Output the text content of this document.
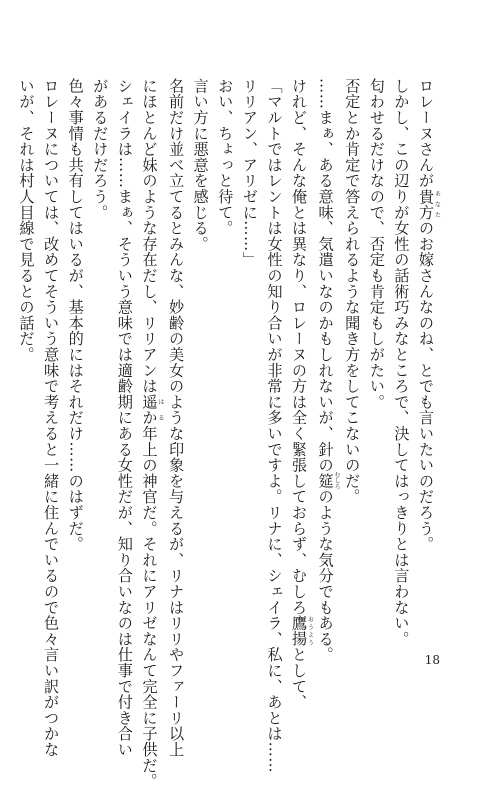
ロレーヌさんが貴方あなたのお嫁さんなのね、とでも言いたいのだろう。
しかし、この辺りが女性の話術巧みなところで、決してはっきりとは言わない。
匂わせるだけなので、否定も肯定もしがたい。
否定とか肯定で答えられるような聞き方をしてこないのだ。
……まぁ、ある意味、気遣いなのかもしれないが、針の筵むしろのような気分でもある。
けれど、そんな俺とは異なり、ロレーヌの方は全く緊張しておらず、むしろ鷹揚おうようとして、
「マルトではレントは女性の知り合いが非常に多いですよ。リナに、シェイラ、私に、あとは……
リリアン、アリゼに……」
おい、ちょっと待て。
言い方に悪意を感じる。
名前だけ並べ立てるとみんな、妙齢の美女のような印象を与えるが、リナはリリやファーリ以上
にほとんど妹のような存在だし、リリアンは遥かはる年上の神官だ。それにアリゼなんて完全に子供だ。
シェイラは……まぁ、そういう意味では適齢期にある女性だが、知り合いなのは仕事で付き合い
があるだけだろう。
色々事情も共有してはいるが、基本的にはそれだけ……のはずだ。
ロレーヌについては、改めてそういう意味で考えると一緒に住んでいるので色々言い訳がつかな
いが、それは村人目線で見るとの話だ。
18
